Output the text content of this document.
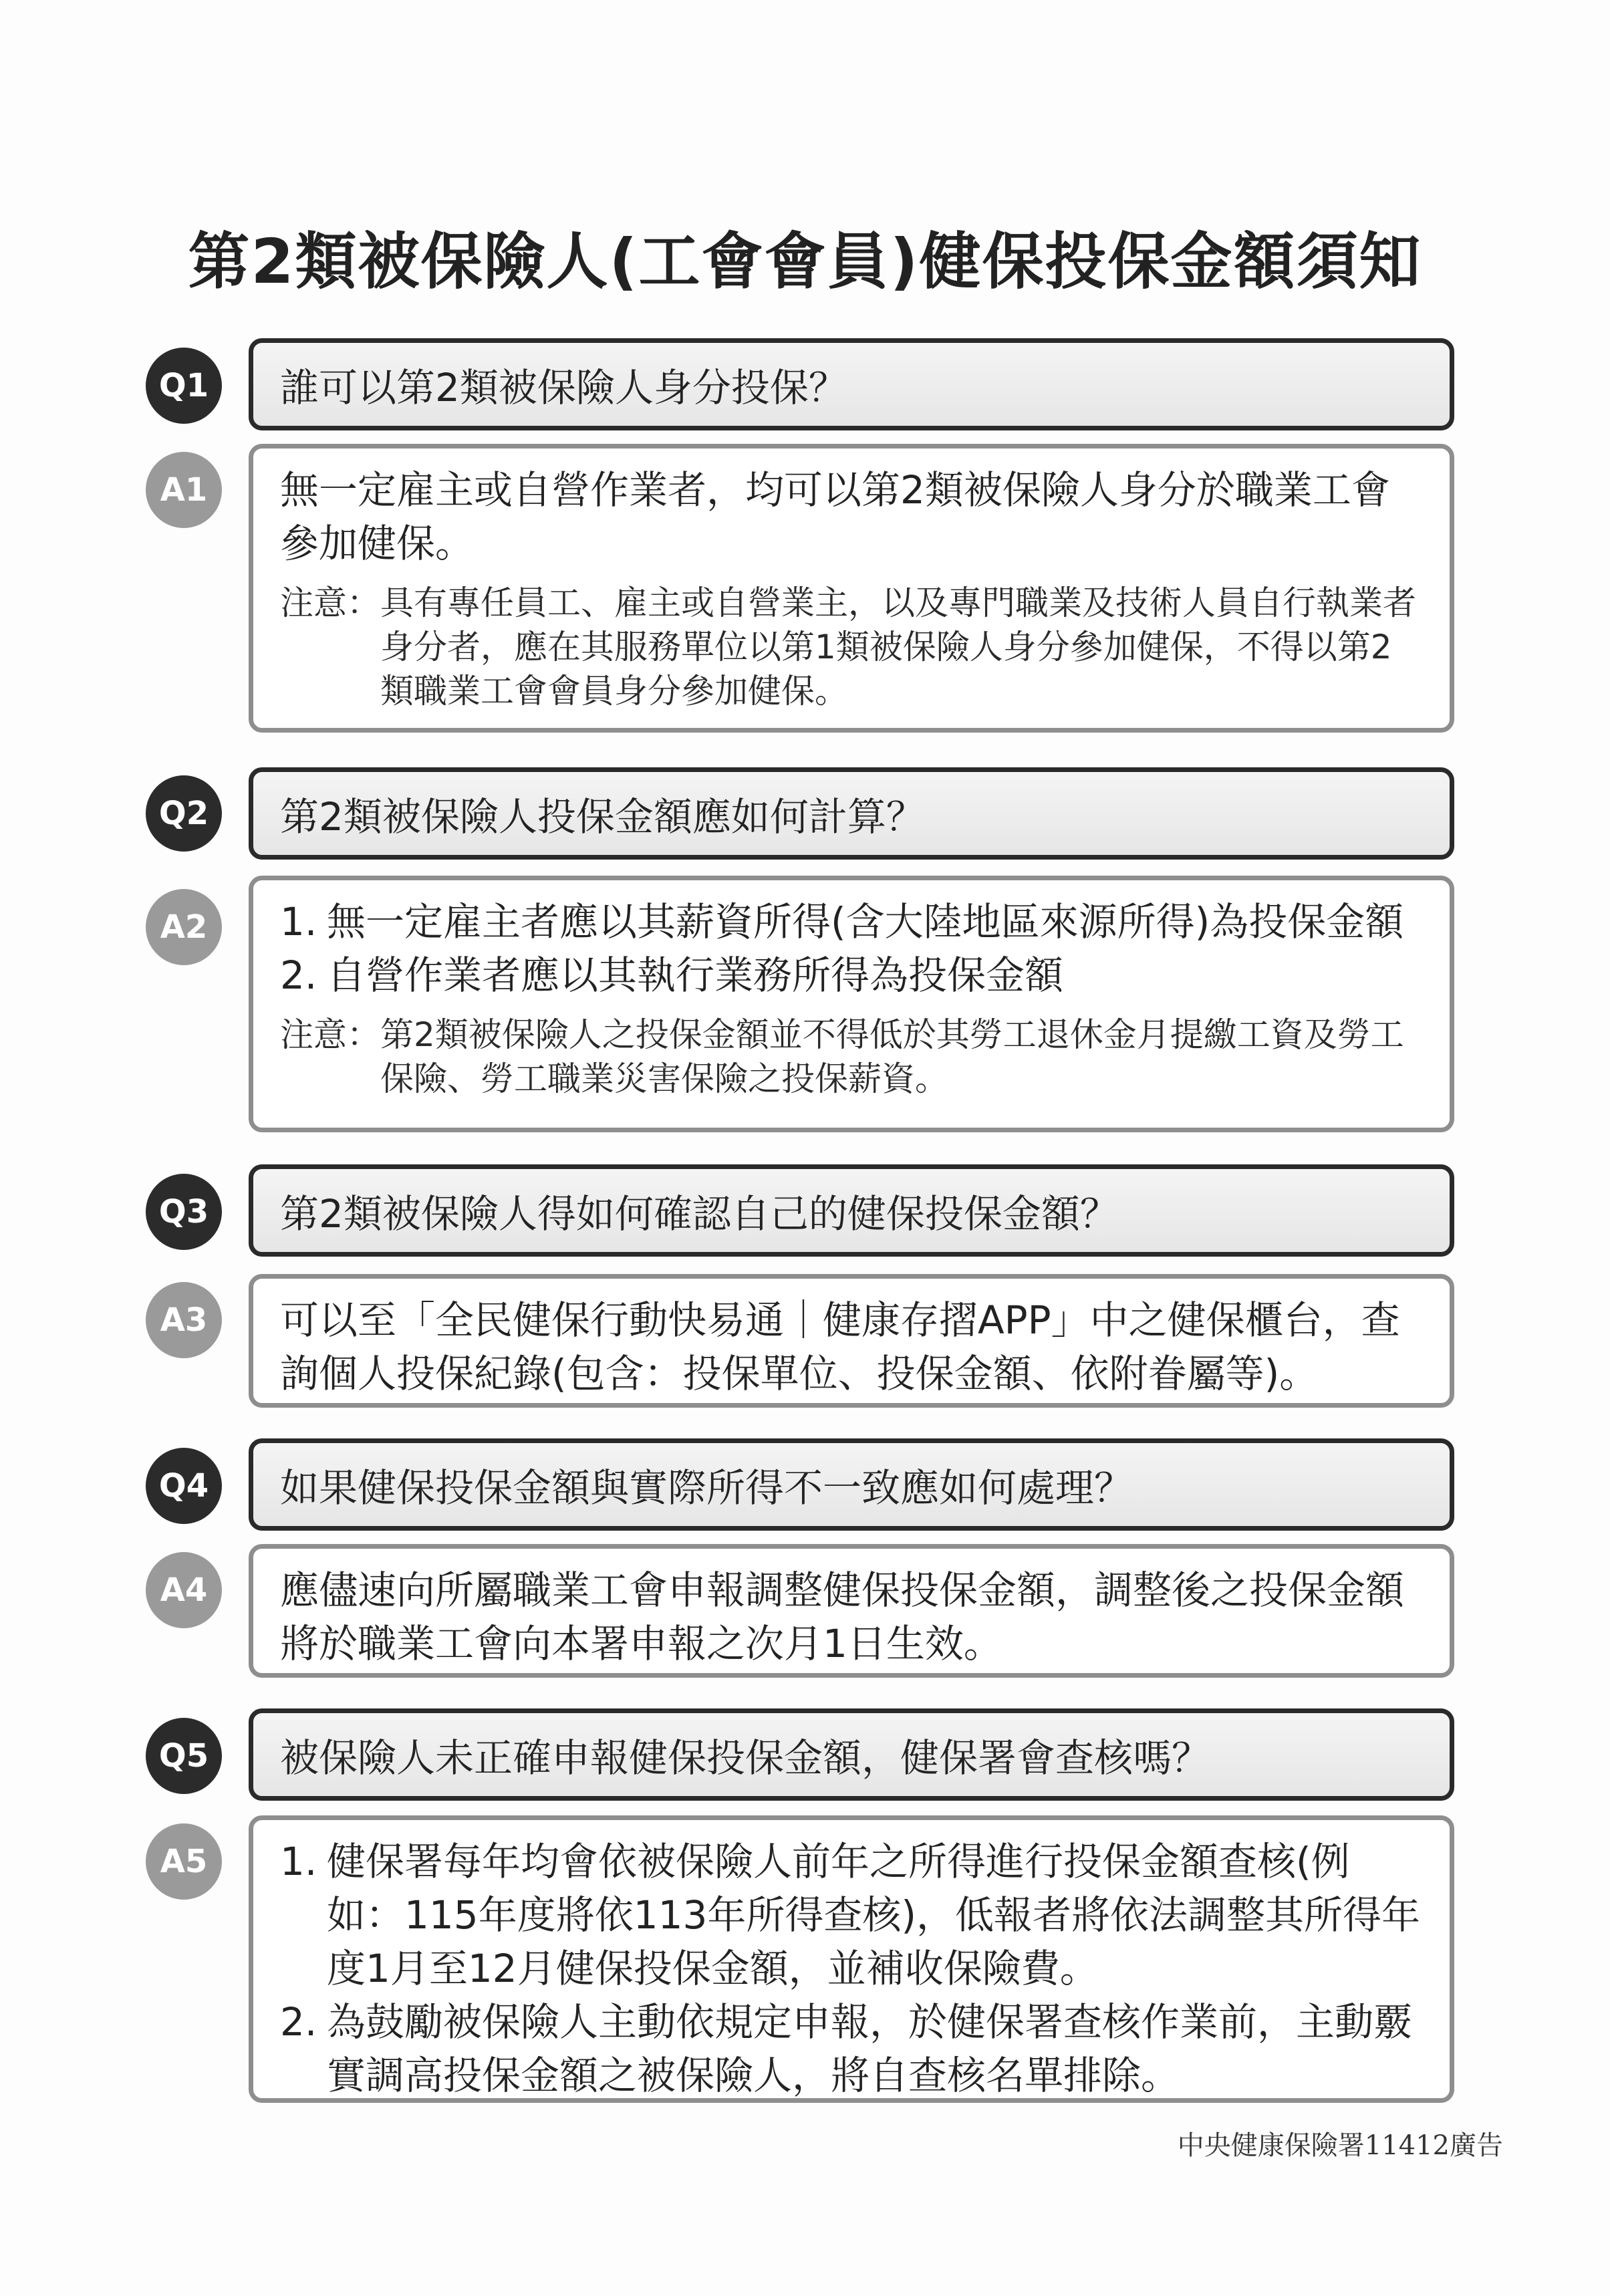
第2類被保險人(工會會員)健保投保金額須知
Q1	誰可以第2類被保險人身分投保？
A1	無一定雇主或自營作業者，均可以第2類被保險人身分於職業工會參加健保。

注意： 具有專任員工、雇主或自營業主，以及專門職業及技術人員自行執業者身分者，應在其服務單位以第1類被保險人身分參加健保，不得以第2類職業工會會員身分參加健保。
Q2	第2類被保險人投保金額應如何計算？
A2	1. 無一定雇主者應以其薪資所得(含大陸地區來源所得)為投保金額
2. 自營作業者應以其執行業務所得為投保金額
注意： 第2類被保險人之投保金額並不得低於其勞工退休金月提繳工資及勞工保險、勞工職業災害保險之投保薪資。
Q3	第2類被保險人得如何確認自己的健保投保金額？
A3	可以至「全民健保行動快易通｜健康存摺APP」中之健保櫃台，查詢個人投保紀錄(包含：投保單位、投保金額、依附眷屬等)。

Q4	如果健保投保金額與實際所得不一致應如何處理？
A4	應儘速向所屬職業工會申報調整健保投保金額，調整後之投保金額將於職業工會向本署申報之次月1日生效。

Q5	被保險人未正確申報健保投保金額，健保署會查核嗎？
A5	1. 健保署每年均會依被保險人前年之所得進行投保金額查核(例如：115年度將依113年所得查核)，低報者將依法調整其所得年度1月至12月健保投保金額，並補收保險費。
2. 為鼓勵被保險人主動依規定申報，於健保署查核作業前，主動覈實調高投保金額之被保險人，將自查核名單排除。
中央健康保險署11412廣告
